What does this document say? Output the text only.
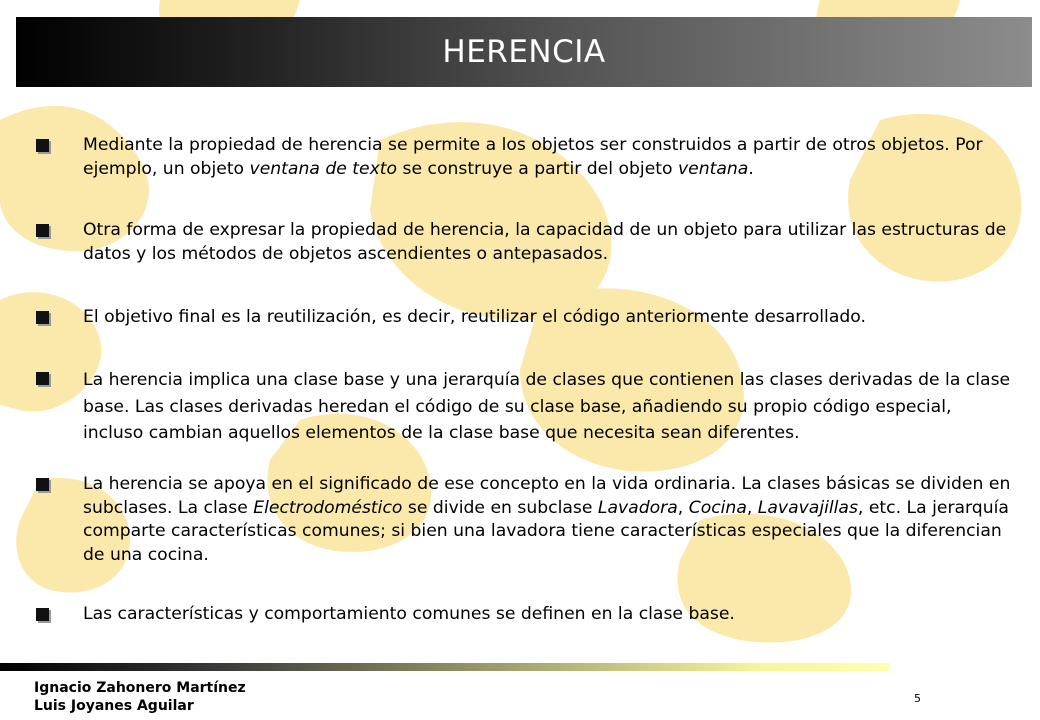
HERENCIA
Mediante la propiedad de herencia se permite a los objetos ser construidos a partir de otros objetos. Por ejemplo, un objeto ventana de texto se construye a partir del objeto ventana.
Otra forma de expresar la propiedad de herencia, la capacidad de un objeto para utilizar las estructuras de datos y los métodos de objetos ascendientes o antepasados.
El objetivo final es la reutilización, es decir, reutilizar el código anteriormente desarrollado.
La herencia implica una clase base y una jerarquía de clases que contienen las clases derivadas de la clase base. Las clases derivadas heredan el código de su clase base, añadiendo su propio código especial, incluso cambian aquellos elementos de la clase base que necesita sean diferentes.
La herencia se apoya en el significado de ese concepto en la vida ordinaria. La clases básicas se dividen en subclases. La clase Electrodoméstico se divide en subclase Lavadora, Cocina, Lavavajillas, etc. La jerarquía comparte características comunes; si bien una lavadora tiene características especiales que la diferencian de una cocina.
Las características y comportamiento comunes se definen en la clase base.
Ignacio Zahonero Martínez
Luis Joyanes Aguilar	5
